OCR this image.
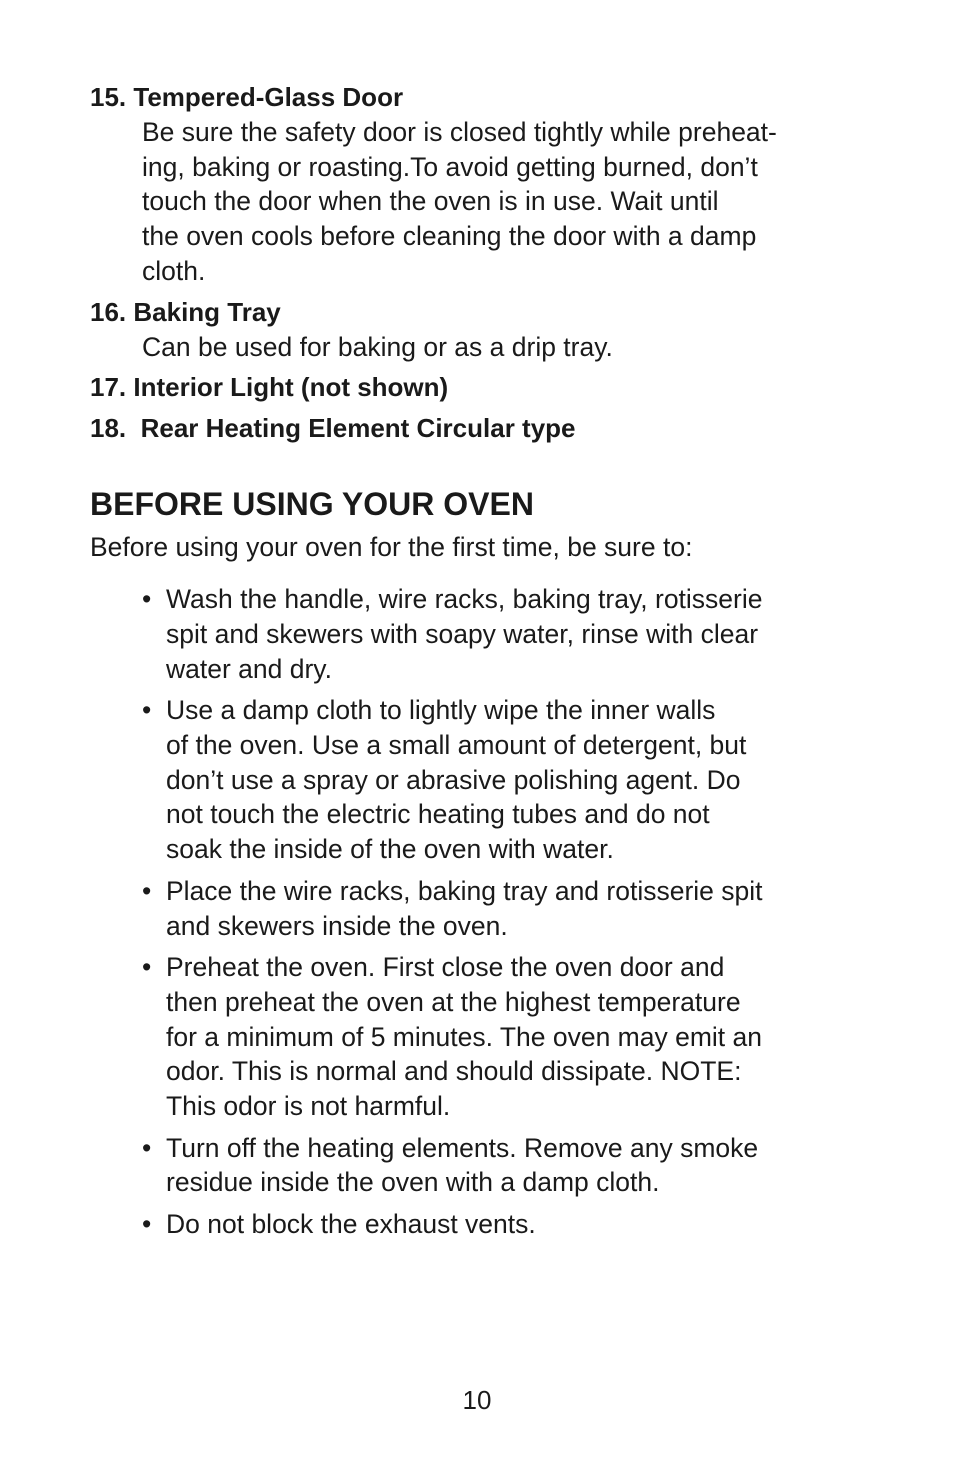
15. Tempered-Glass Door
Be sure the safety door is closed tightly while preheat-
ing, baking or roasting.To avoid getting burned, don’t
touch the door when the oven is in use. Wait until
the oven cools before cleaning the door with a damp
cloth.
16. Baking Tray
Can be used for baking or as a drip tray.
17. Interior Light (not shown)
18.  Rear Heating Element Circular type
BEFORE USING YOUR OVEN
Before using your oven for the first time, be sure to:
• Wash the handle, wire racks, baking tray, rotisserie
spit and skewers with soapy water, rinse with clear
water and dry.
• Use a damp cloth to lightly wipe the inner walls
of the oven. Use a small amount of detergent, but
don’t use a spray or abrasive polishing agent. Do
not touch the electric heating tubes and do not
soak the inside of the oven with water.
• Place the wire racks, baking tray and rotisserie spit
and skewers inside the oven.
• Preheat the oven. First close the oven door and
then preheat the oven at the highest temperature
for a minimum of 5 minutes. The oven may emit an
odor. This is normal and should dissipate. NOTE:
This odor is not harmful.
• Turn off the heating elements. Remove any smoke
residue inside the oven with a damp cloth.
• Do not block the exhaust vents.
10
